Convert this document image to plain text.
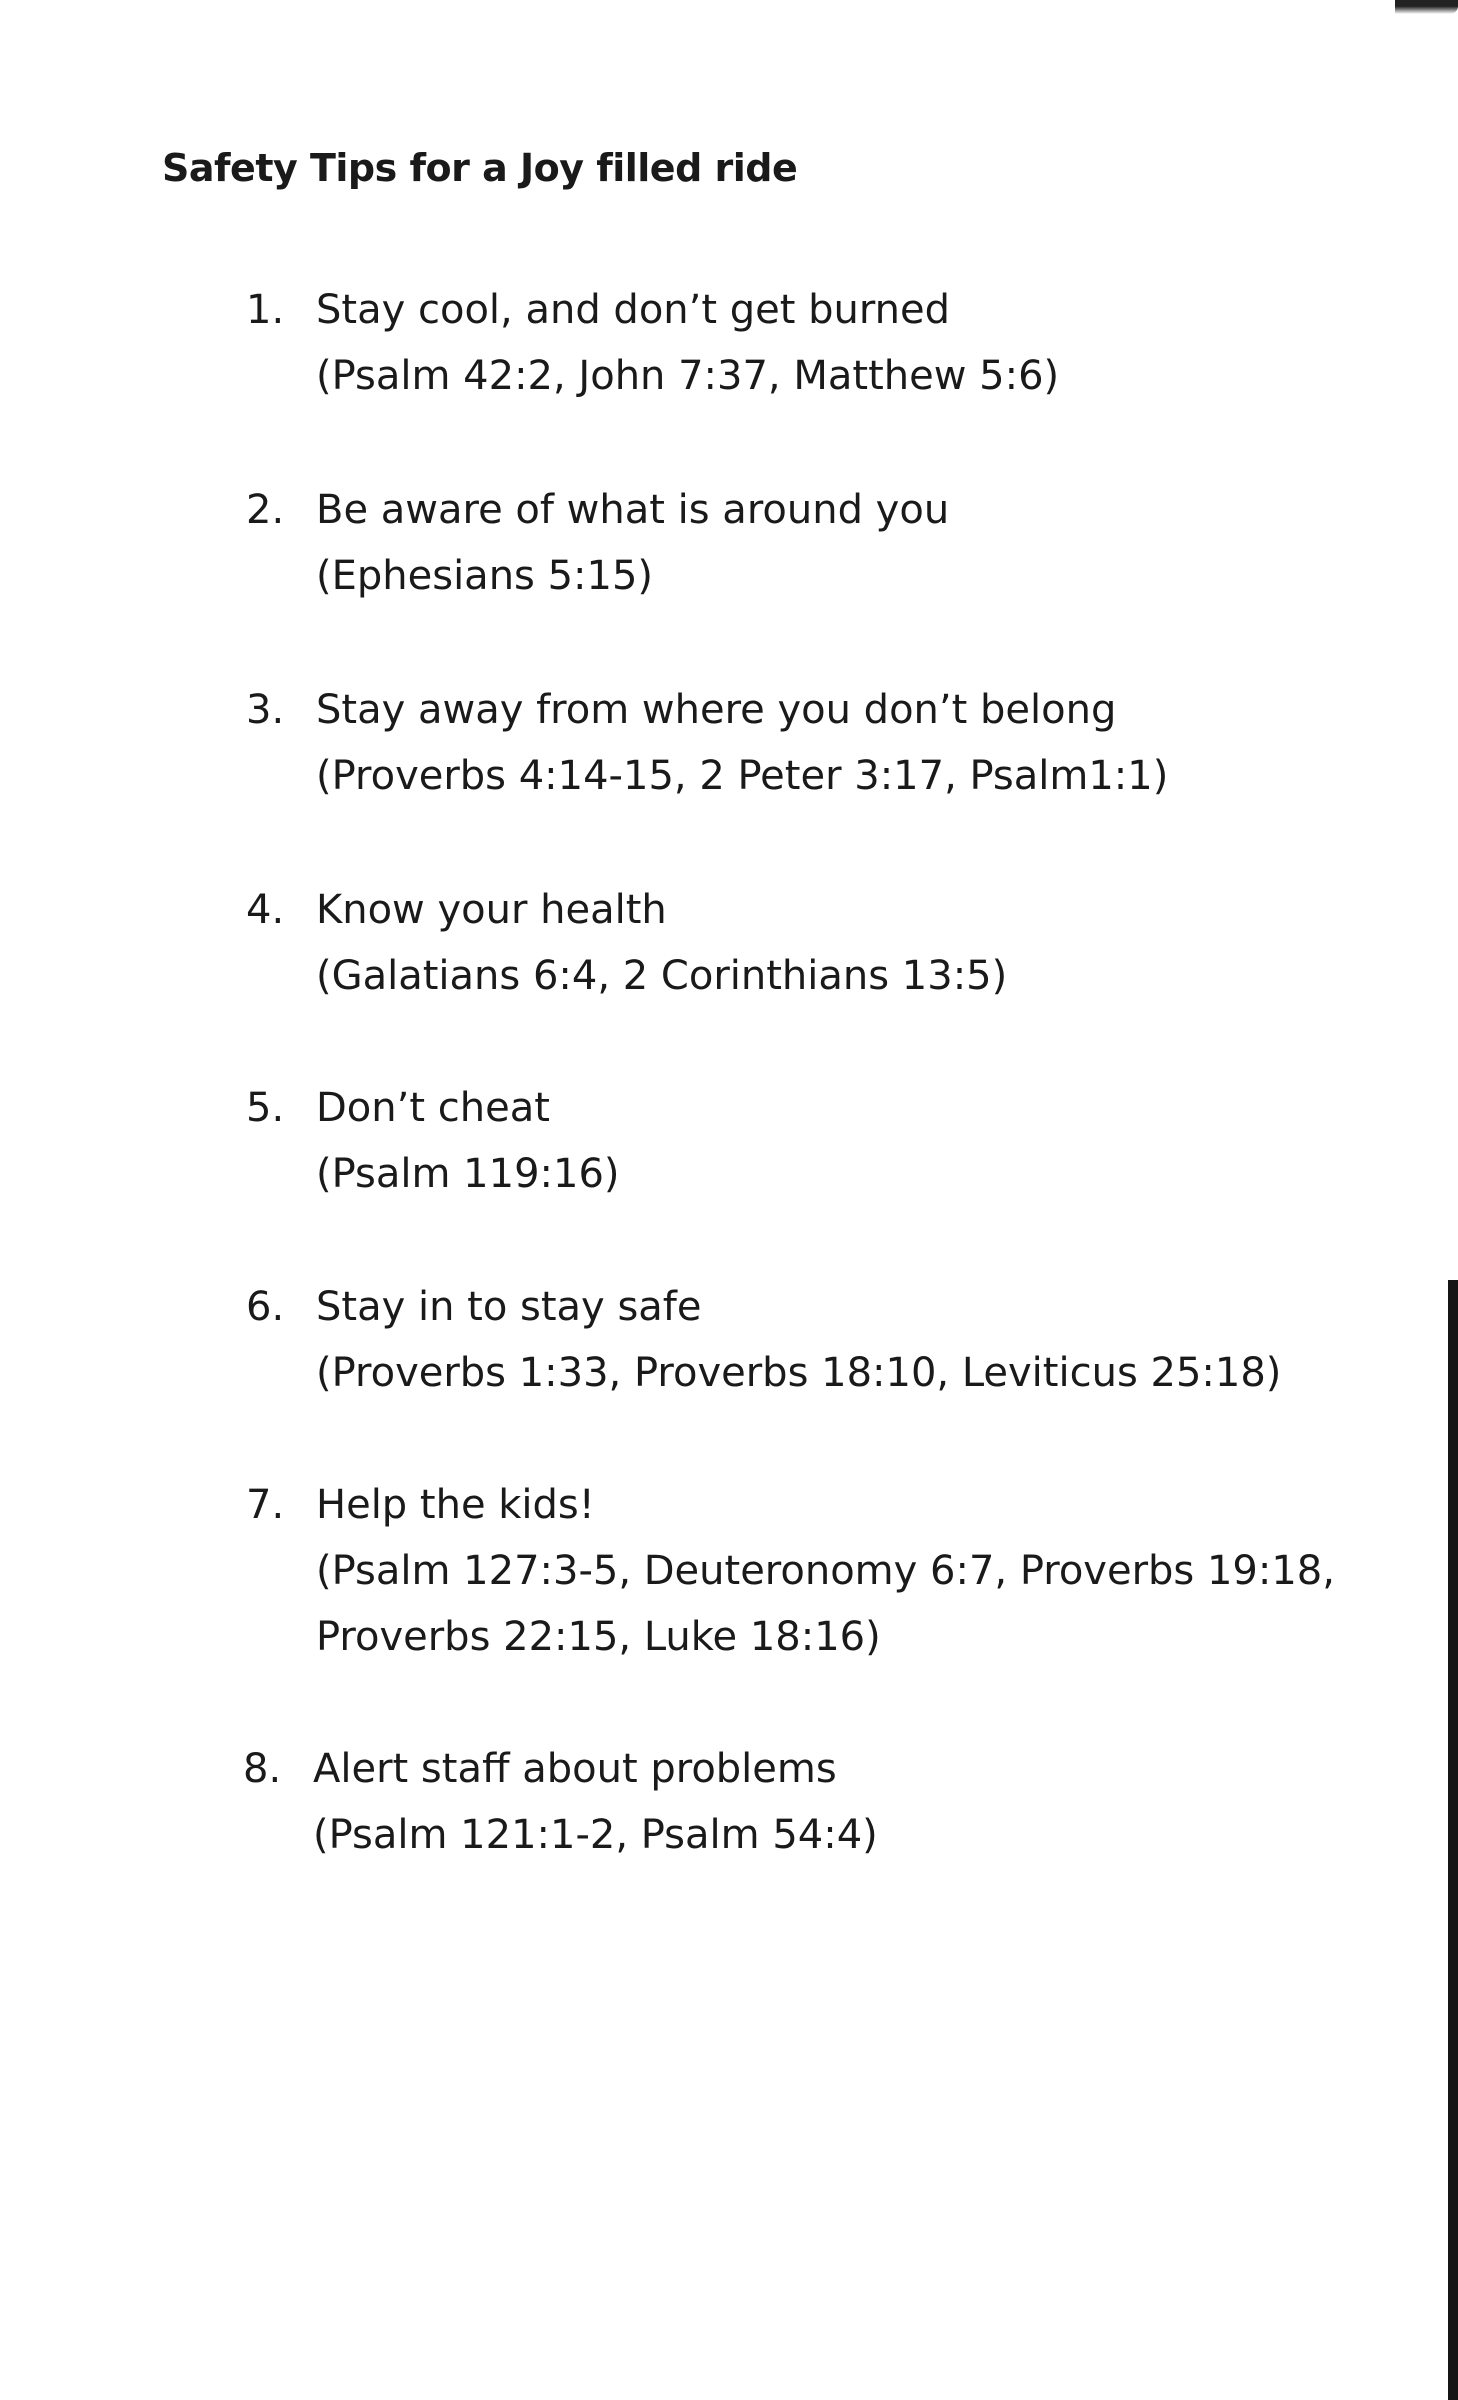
Safety Tips for a Joy filled ride
1. Stay cool, and don’t get burned
(Psalm 42:2, John 7:37, Matthew 5:6)
2. Be aware of what is around you
(Ephesians 5:15)
3. Stay away from where you don’t belong
(Proverbs 4:14-15, 2 Peter 3:17, Psalm1:1)
4. Know your health
(Galatians 6:4, 2 Corinthians 13:5)
5. Don’t cheat
(Psalm 119:16)
6. Stay in to stay safe
(Proverbs 1:33, Proverbs 18:10, Leviticus 25:18)
7. Help the kids!
(Psalm 127:3-5, Deuteronomy 6:7, Proverbs 19:18,
Proverbs 22:15, Luke 18:16)
8. Alert staff about problems
(Psalm 121:1-2, Psalm 54:4)
